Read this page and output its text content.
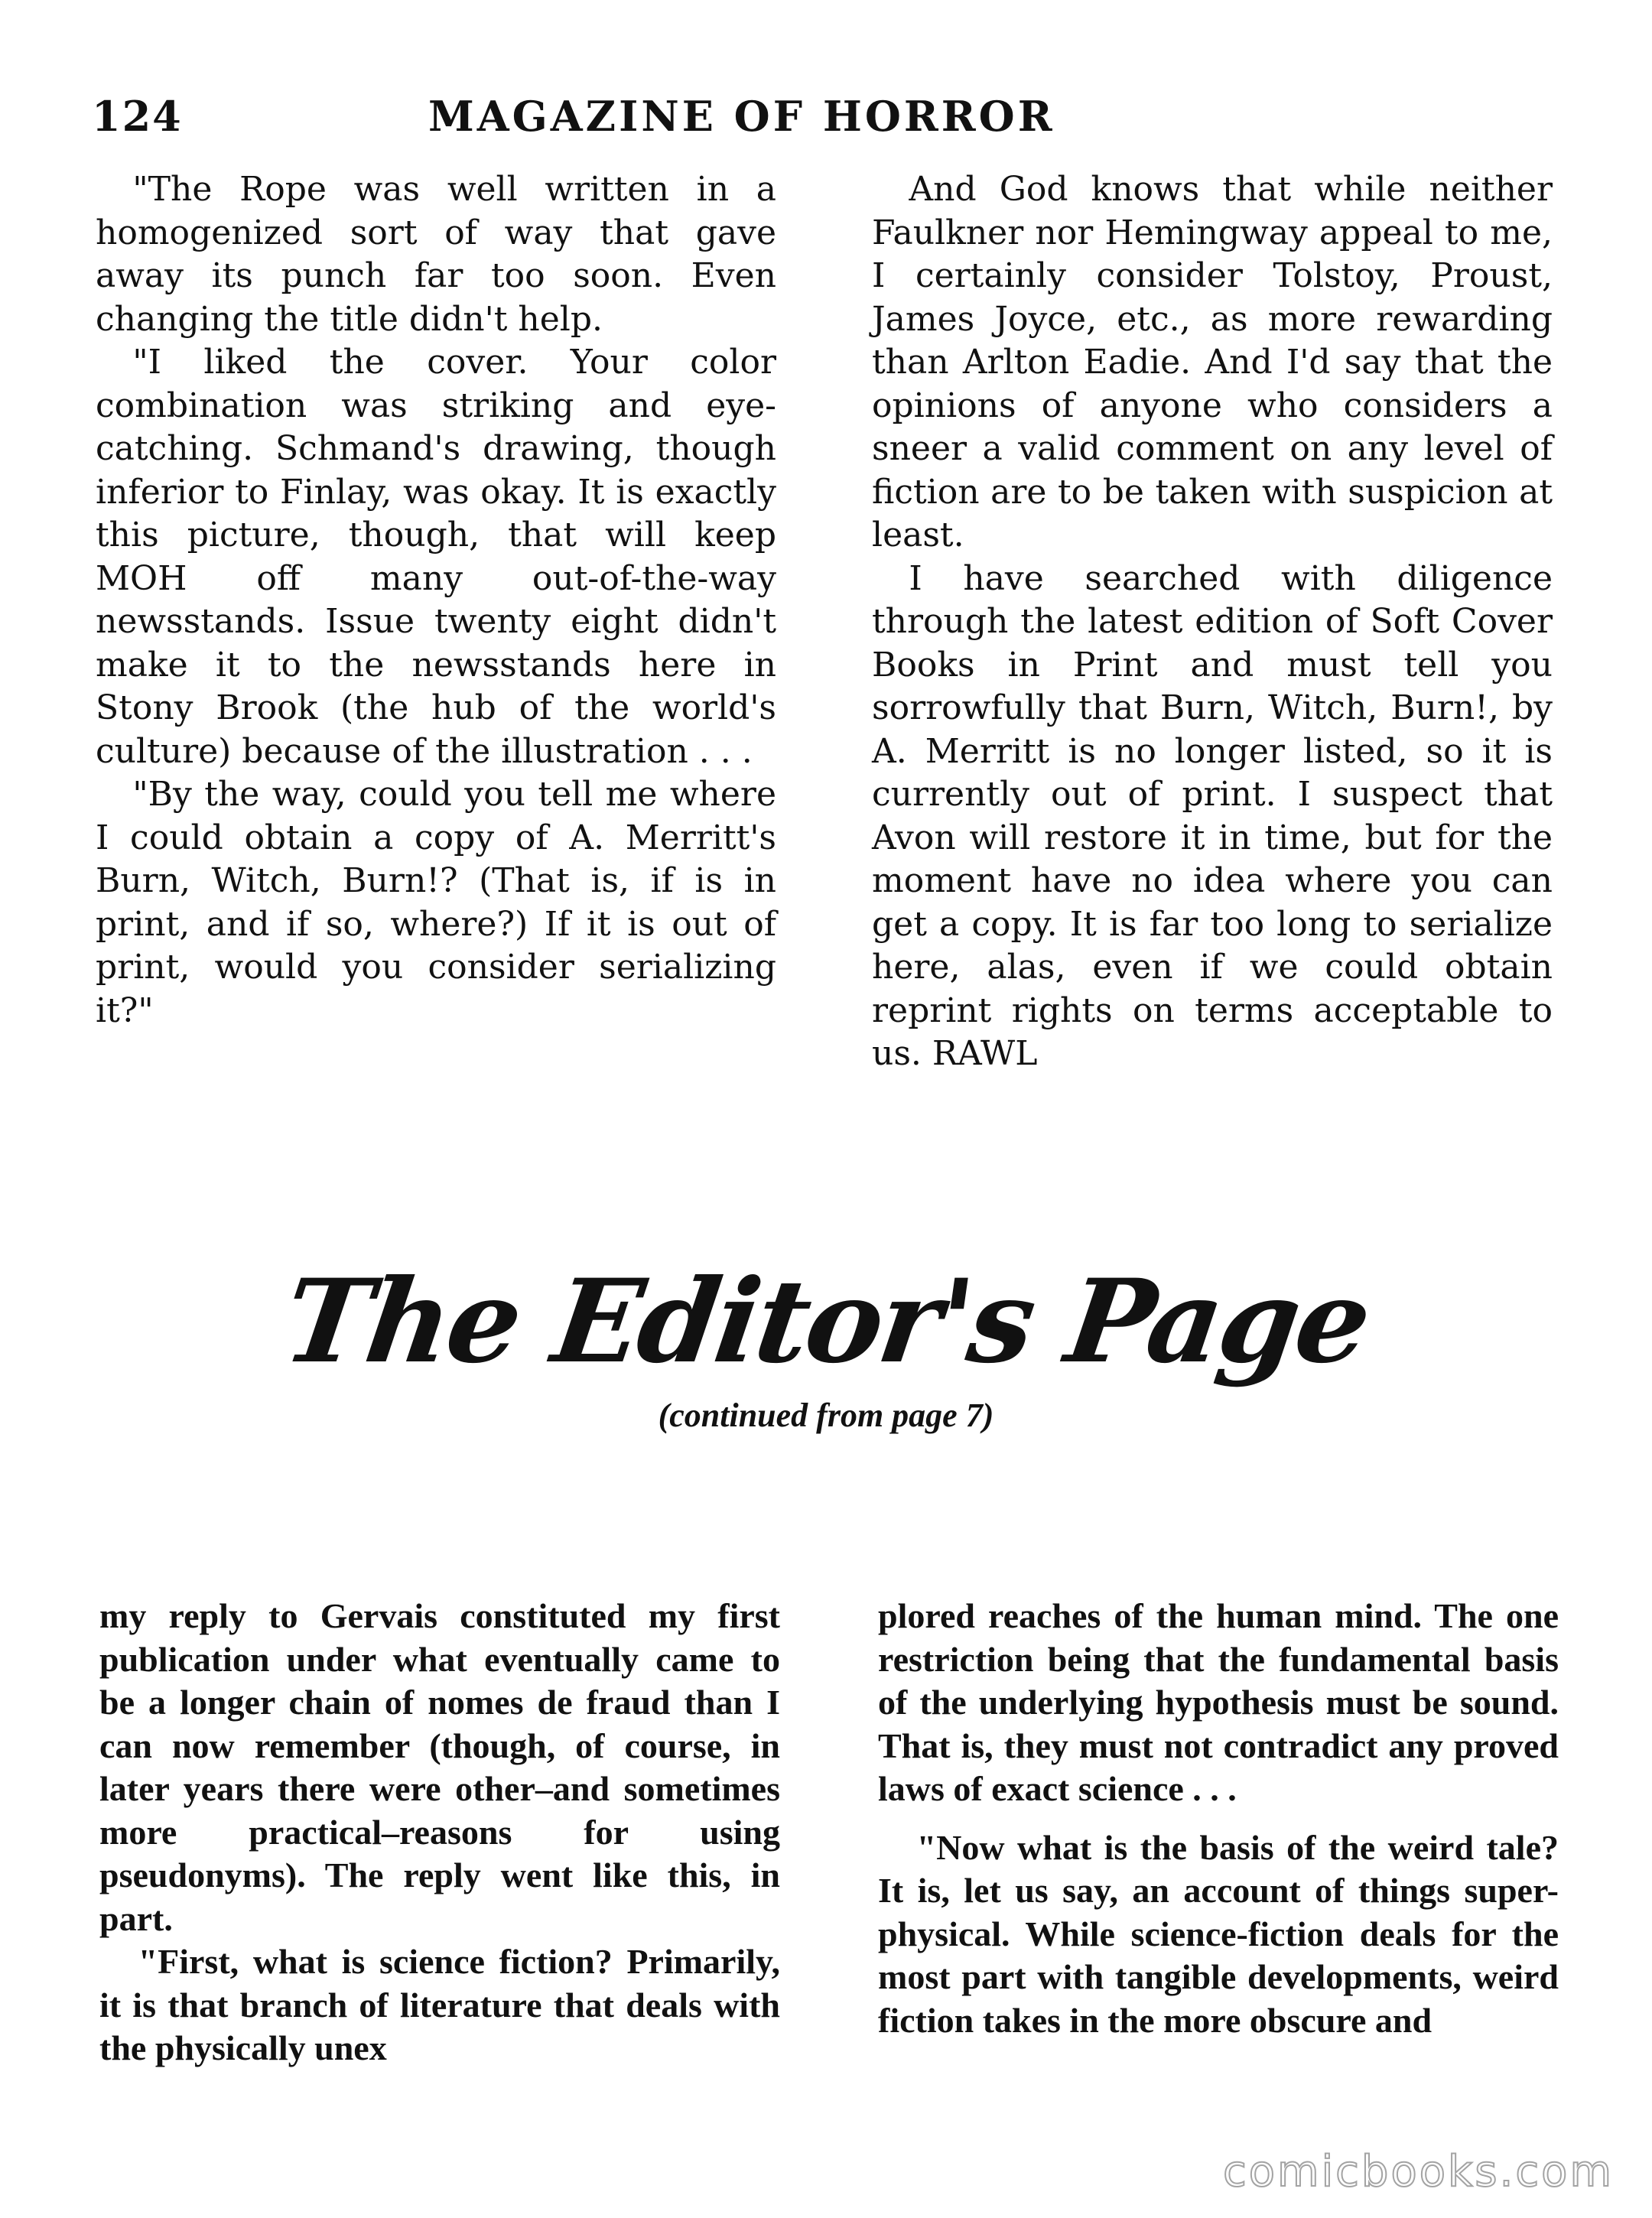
124	MAGAZINE OF HORROR

"The Rope was well written in a homogenized sort of way that gave away its punch far too soon. Even changing the title didn't help.

"I liked the cover. Your color combination was striking and eye-catching. Schmand's drawing, though inferior to Finlay, was okay. It is exactly this picture, though, that will keep MOH off many out-of-the-way newsstands. Issue twenty eight didn't make it to the newsstands here in Stony Brook (the hub of the world's culture) because of the illustration . . .

"By the way, could you tell me where I could obtain a copy of A. Merritt's Burn, Witch, Burn!? (That is, if is in print, and if so, where?) If it is out of print, would you consider serializing it?"

And God knows that while neither Faulkner nor Hemingway appeal to me, I certainly consider Tolstoy, Proust, James Joyce, etc., as more rewarding than Arlton Eadie. And I'd say that the opinions of anyone who considers a sneer a valid comment on any level of fiction are to be taken with suspicion at least.

I have searched with diligence through the latest edition of Soft Cover Books in Print and must tell you sorrowfully that Burn, Witch, Burn!, by A. Merritt is no longer listed, so it is currently out of print. I suspect that Avon will restore it in time, but for the moment have no idea where you can get a copy. It is far too long to serialize here, alas, even if we could obtain reprint rights on terms acceptable to us. RAWL

The Editor's Page
(continued from page 7)

my reply to Gervais constituted my first publication under what eventually came to be a longer chain of nomes de fraud than I can now remember (though, of course, in later years there were other–and sometimes more practical–reasons for using pseudonyms). The reply went like this, in part.

"First, what is science fiction? Primarily, it is that branch of literature that deals with the physically unex

plored reaches of the human mind. The one restriction being that the fundamental basis of the underlying hypothesis must be sound. That is, they must not contradict any proved laws of exact science . . .

"Now what is the basis of the weird tale? It is, let us say, an account of things super-physical. While science-fiction deals for the most part with tangible developments, weird fiction takes in the more obscure and

comicbooks.com
